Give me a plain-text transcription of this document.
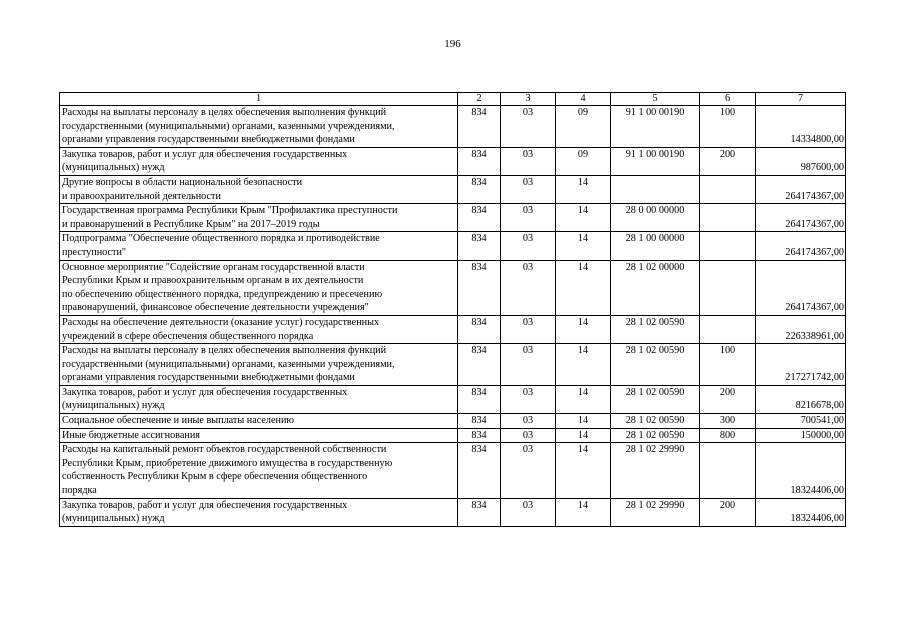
196
1	2	3	4	5	6	7
Расходы на выплаты персоналу в целях обеспечения выполнения функций
государственными (муниципальными) органами, казенными учреждениями,
органами управления государственными внебюджетными фондами	834	03	09	91 1 00 00190	100	14334800,00
Закупка товаров, работ и услуг для обеспечения государственных
(муниципальных) нужд	834	03	09	91 1 00 00190	200	987600,00
Другие вопросы в области национальной безопасности
и правоохранительной деятельности	834	03	14			264174367,00
Государственная программа Республики Крым "Профилактика преступности
и правонарушений в Республике Крым" на 2017–2019 годы	834	03	14	28 0 00 00000		264174367,00
Подпрограмма "Обеспечение общественного порядка и противодействие
преступности"	834	03	14	28 1 00 00000		264174367,00
Основное мероприятие "Содействие органам государственной власти
Республики Крым и правоохранительным органам в их деятельности
по обеспечению общественного порядка, предупреждению и пресечению
правонарушений, финансовое обеспечение деятельности учреждения"	834	03	14	28 1 02 00000		264174367,00
Расходы на обеспечение деятельности (оказание услуг) государственных
учреждений в сфере обеспечения общественного порядка	834	03	14	28 1 02 00590		226338961,00
Расходы на выплаты персоналу в целях обеспечения выполнения функций
государственными (муниципальными) органами, казенными учреждениями,
органами управления государственными внебюджетными фондами	834	03	14	28 1 02 00590	100	217271742,00
Закупка товаров, работ и услуг для обеспечения государственных
(муниципальных) нужд	834	03	14	28 1 02 00590	200	8216678,00
Социальное обеспечение и иные выплаты населению	834	03	14	28 1 02 00590	300	700541,00
Иные бюджетные ассигнования	834	03	14	28 1 02 00590	800	150000,00
Расходы на капитальный ремонт объектов государственной собственности
Республики Крым, приобретение движимого имущества в государственную
собственность Республики Крым в сфере обеспечения общественного
порядка	834	03	14	28 1 02 29990		18324406,00
Закупка товаров, работ и услуг для обеспечения государственных
(муниципальных) нужд	834	03	14	28 1 02 29990	200	18324406,00
